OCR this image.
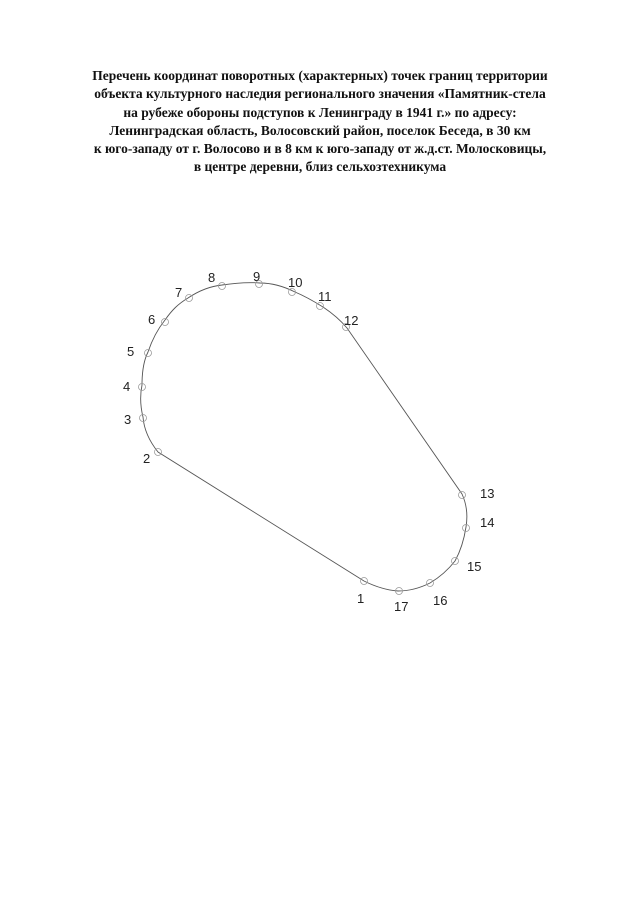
Перечень координат поворотных (характерных) точек границ территории
объекта культурного наследия регионального значения «Памятник-стела
на рубеже обороны подступов к Ленинграду в 1941 г.» по адресу:
Ленинградская область, Волосовский район, поселок Беседа, в 30 км
к юго-западу от г. Волосово и в 8 км к юго-западу от ж.д.ст. Молосковицы,
в центре деревни, близ сельхозтехникума
1
2
3
4
5
6
7
8	9 10
11
12
13
14
15
16
17
